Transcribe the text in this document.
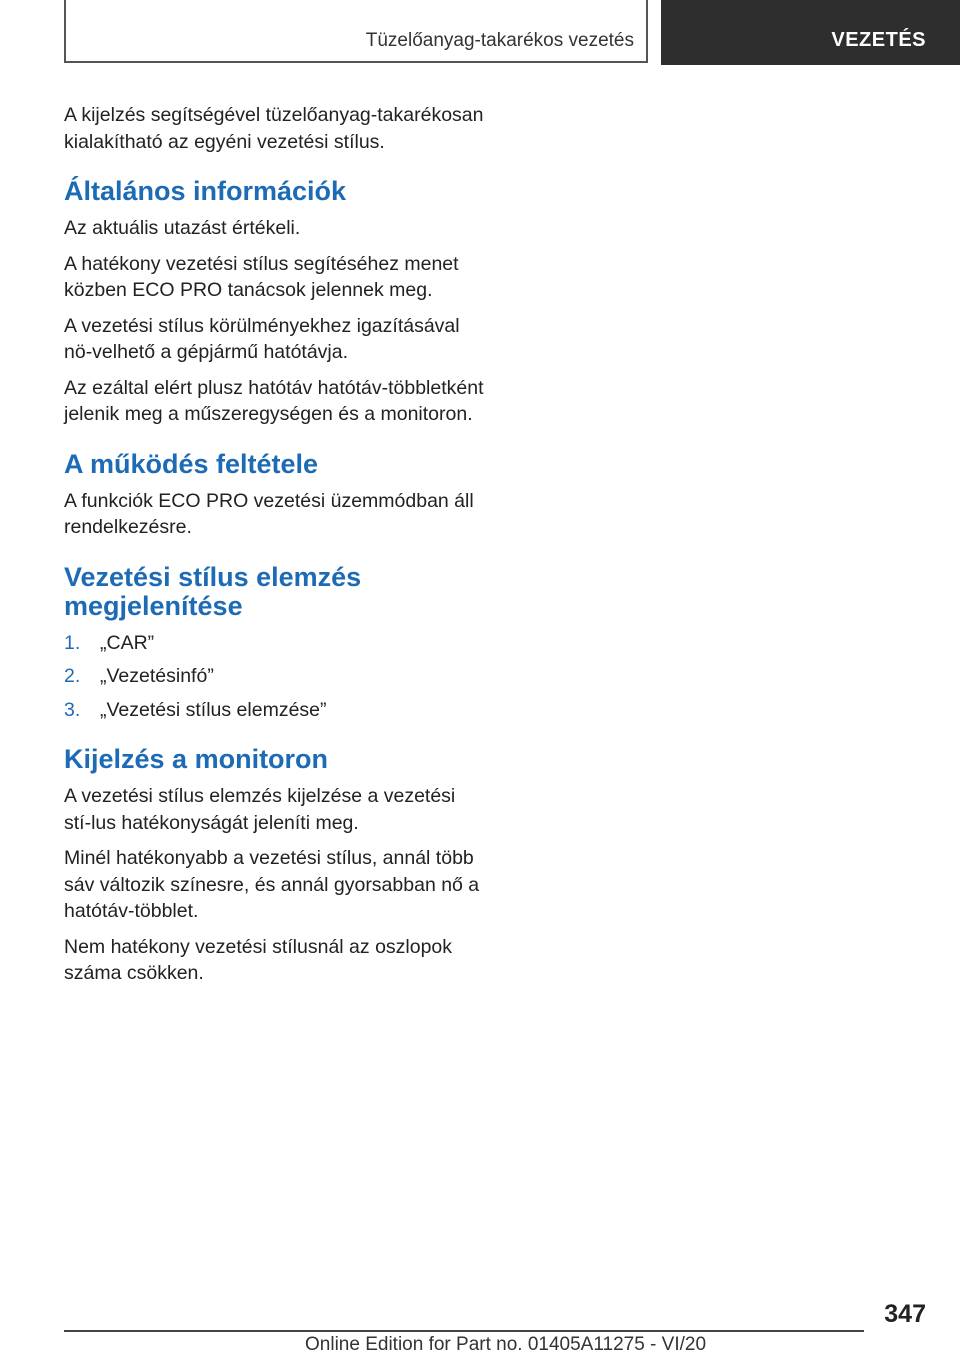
Tüzelőanyag-takarékos vezetés	VEZETÉS

A kijelzés segítségével tüzelőanyag-takarékosan kialakítható az egyéni vezetési stílus.

Általános információk

Az aktuális utazást értékeli.

A hatékony vezetési stílus segítéséhez menet közben ECO PRO tanácsok jelennek meg.

A vezetési stílus körülményekhez igazításával nö‐velhető a gépjármű hatótávja.

Az ezáltal elért plusz hatótáv hatótáv-többletként jelenik meg a műszeregységen és a monitoron.

A működés feltétele

A funkciók ECO PRO vezetési üzemmódban áll rendelkezésre.

Vezetési stílus elemzés megjelenítése
1. „CAR”
2. „Vezetésinfó”
3. „Vezetési stílus elemzése”
Kijelzés a monitoron

A vezetési stílus elemzés kijelzése a vezetési stí‐lus hatékonyságát jeleníti meg.

Minél hatékonyabb a vezetési stílus, annál több sáv változik színesre, és annál gyorsabban nő a hatótáv-többlet.

Nem hatékony vezetési stílusnál az oszlopok száma csökken.

347
Online Edition for Part no. 01405A11275 - VI/20
